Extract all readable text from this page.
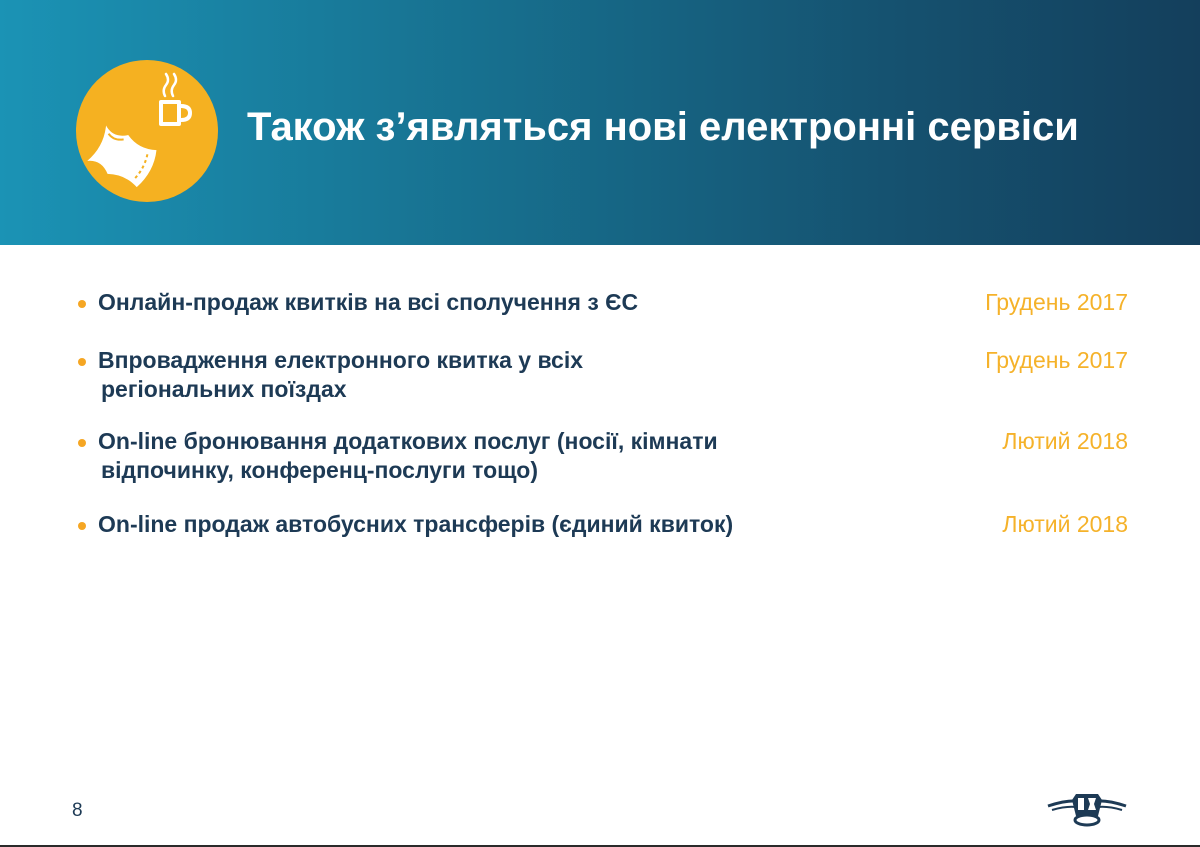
Також з’являться нові електронні сервіси
Онлайн-продаж квитків на всі сполучення з ЄС	Грудень 2017
Впровадження електронного квитка у всіх
регіональних поїздах
Грудень 2017
On-line бронювання додаткових послуг (носії, кімнати
відпочинку, конференц-послуги тощо)
Лютий 2018
On-line продаж автобусних трансферів (єдиний квиток)	Лютий 2018
8
